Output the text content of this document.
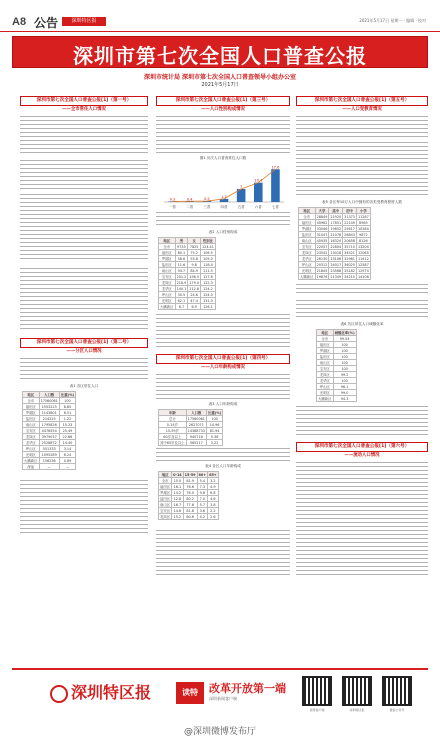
A8 公告	深圳特区报	2021年5月17日 星期一 · 编辑 · 校对
深圳市第七次全国人口普查公报
深圳市统计局 深圳市第七次全国人口普查领导小组办公室
2021年5月17日
深圳市第七次全国人口普查公报[1]（第一号）
——全市常住人口情况
深圳市第七次全国人口普查公报[1]（第二号）
——分区人口情况
表1 各区常住人口
地区	人口数	比重(%)
全市	17560061	100
福田区	1553225	8.85
罗湖区	1143801	6.51
盐田区	214225	1.22
南山区	1795826	10.23
宝安区	4476554	25.49
龙岗区	3979037	22.66
龙华区	2528872	14.40
坪山区	551333	3.14
光明区	1095289	6.24
大鹏新区	156236	0.89
深汕	—	—
深圳市第七次全国人口普查公报[1]（第三号）
——人口性别构成情况
图1 历次人口普查常住人口数
一普
0.3
二普
0.4
三普
0.5
四普
1.7
五普
7
六普
10.4
七普
17.6
表2 人口性别构成
地区	男	女	性别比
全市	9735	7825	124.41
福田区	80.1	75.2	106.5
罗湖区	58.6	55.8	105.0
盐田区	11.6	9.8	118.4
南山区	94.7	84.9	111.5
宝安区	251.2	196.5	127.8
龙岗区	218.9	179.0	122.3
龙华区	140.1	112.8	124.2
坪山区	30.5	24.6	124.0
光明区	62.1	47.4	131.0
大鹏新区	8.7	6.9	126.1
深圳市第七次全国人口普查公报[1]（第四号）
——人口年龄构成情况
表3 人口年龄构成
年龄	人口数	比重(%)
总计	17560061	100
0-14岁	2627071	14.96
15-59岁	14388733	81.94
60岁及以上	940716	5.36
其中65岁及以上	565217	3.22
表4 各区人口年龄构成
地区	0-14	15-59	60+	65+
全市	15.0	81.9	5.4	3.2
福田区	16.1	76.6	7.3	4.9
罗湖区	14.2	76.0	9.8	6.8
盐田区	12.8	80.2	7.0	4.6
南山区	16.7	77.6	5.7	3.8
宝安区	14.6	81.8	3.6	2.2
龙岗区	15.2	80.6	4.2	2.6
深圳市第七次全国人口普查公报[1]（第五号）
——人口受教育情况
表5 各区每10万人口中拥有的各类受教育程度人数
地区	大学	高中	初中	小学
全市	28849	21920	31373	11287
福田区	40962	17851	22149	8965
罗湖区	33046	19852	25617	10284
盐田区	31047	21078	26843	9872
南山区	45935	16324	20658	8126
宝安区	22057	22804	35710	13204
龙岗区	23542	23018	34521	12065
龙华区	26130	23106	32981	11412
坪山区	20312	24017	36025	12587
光明区	21845	23568	35182	12974
大鹏新区	19876	21349	34215	14108
表6 各区常住人口城镇化率
地区	城镇化率(%)
全市	99.54
福田区	100
罗湖区	100
盐田区	100
南山区	100
宝安区	100
龙岗区	99.2
龙华区	100
坪山区	98.1
光明区	99.0
大鹏新区	94.3
深圳市第七次全国人口普查公报[1]（第六号）
——流动人口情况
深圳特区报	读特	改革开放第一端
深圳新闻客户端
读特客户端	深圳特区报	微信公众号
@深圳微博发布厅
